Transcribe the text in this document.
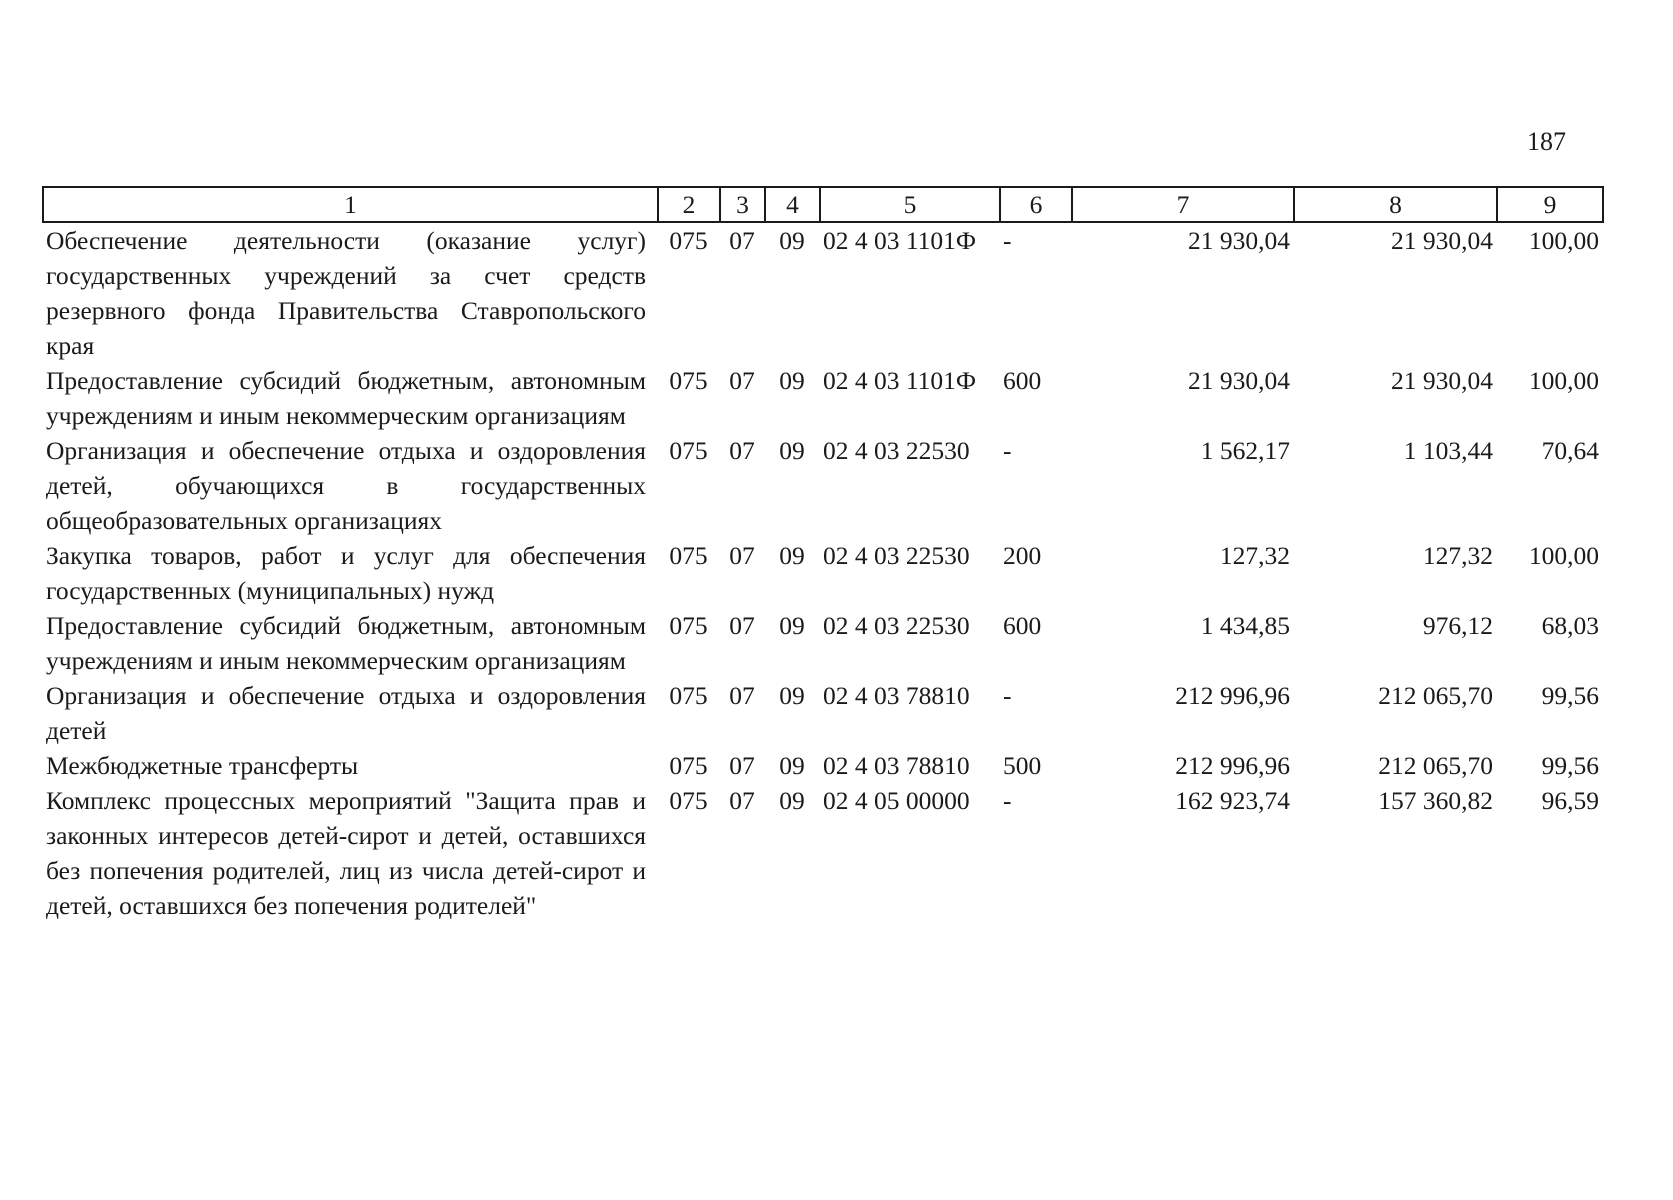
187
1	2	3	4	5	6	7	8	9
Обеспечение деятельности (оказание услуг) государственных учреждений за счет средств резервного фонда Правительства Ставропольского края	075	07	09	02 4 03 1101Ф	-	21 930,04	21 930,04	100,00
Предоставление субсидий бюджетным, автономным учреждениям и иным некоммерческим организациям	075	07	09	02 4 03 1101Ф	600	21 930,04	21 930,04	100,00
Организация и обеспечение отдыха и оздоровления детей, обучающихся в государственных общеобразовательных организациях	075	07	09	02 4 03 22530	-	1 562,17	1 103,44	70,64
Закупка товаров, работ и услуг для обеспечения государственных (муниципальных) нужд	075	07	09	02 4 03 22530	200	127,32	127,32	100,00
Предоставление субсидий бюджетным, автономным учреждениям и иным некоммерческим организациям	075	07	09	02 4 03 22530	600	1 434,85	976,12	68,03
Организация и обеспечение отдыха и оздоровления детей	075	07	09	02 4 03 78810	-	212 996,96	212 065,70	99,56
Межбюджетные трансферты	075	07	09	02 4 03 78810	500	212 996,96	212 065,70	99,56
Комплекс процессных мероприятий "Защита прав и законных интересов детей-сирот и детей, оставшихся без попечения родителей, лиц из числа детей-сирот и детей, оставшихся без попечения родителей"	075	07	09	02 4 05 00000	-	162 923,74	157 360,82	96,59
